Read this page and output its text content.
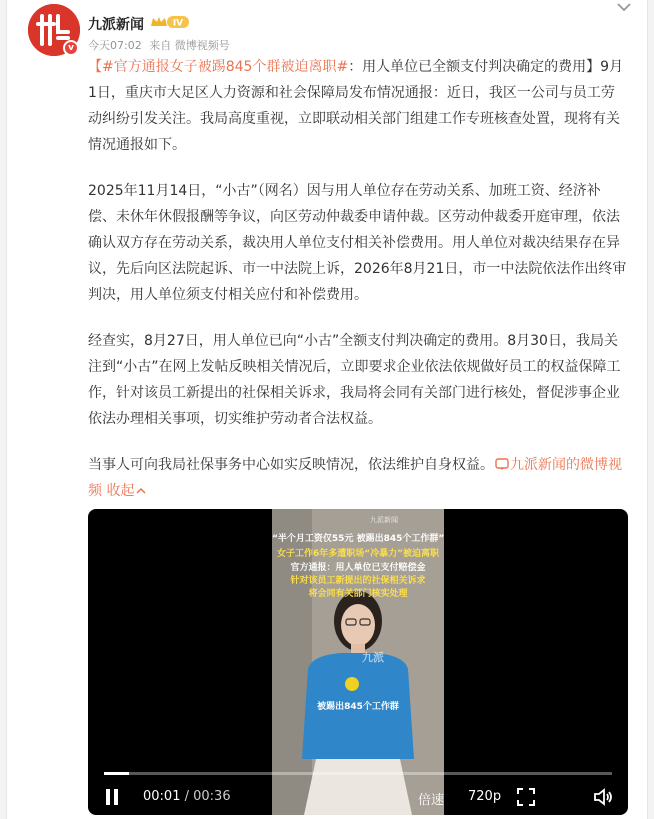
v
九派新闻	IV
今天07:02 来自 微博视频号

【#官方通报女子被踢845个群被迫离职#：用人单位已全额支付判决确定的费用】9月1日，重庆市大足区人力资源和社会保障局发布情况通报：近日，我区一公司与员工劳动纠纷引发关注。我局高度重视，立即联动相关部门组建工作专班核查处置，现将有关情况通报如下。

2025年11月14日，“小古”（网名）因与用人单位存在劳动关系、加班工资、经济补偿、未休年休假报酬等争议，向区劳动仲裁委申请仲裁。区劳动仲裁委开庭审理，依法确认双方存在劳动关系，裁决用人单位支付相关补偿费用。用人单位对裁决结果存在异议，先后向区法院起诉、市一中法院上诉，2026年8月21日，市一中法院依法作出终审判决，用人单位须支付相关应付和补偿费用。

经查实，8月27日，用人单位已向“小古”全额支付判决确定的费用。8月30日，我局关注到“小古”在网上发帖反映相关情况后，立即要求企业依法依规做好员工的权益保障工作，针对该员工新提出的社保相关诉求，我局将会同有关部门进行核处，督促涉事企业依法办理相关事项，切实维护劳动者合法权益。

当事人可向我局社保事务中心如实反映情况，依法维护自身权益。 九派新闻的微博视频 收起

九派新闻
“半个月工资仅55元 被踢出845个工作群”
女子工作6年多遭职场“冷暴力”被迫离职
官方通报：用人单位已支付赔偿金
针对该员工新提出的社保相关诉求
将会同有关部门核实处理
九派
被踢出845个工作群
00:01 / 00:36	倍速 720p
